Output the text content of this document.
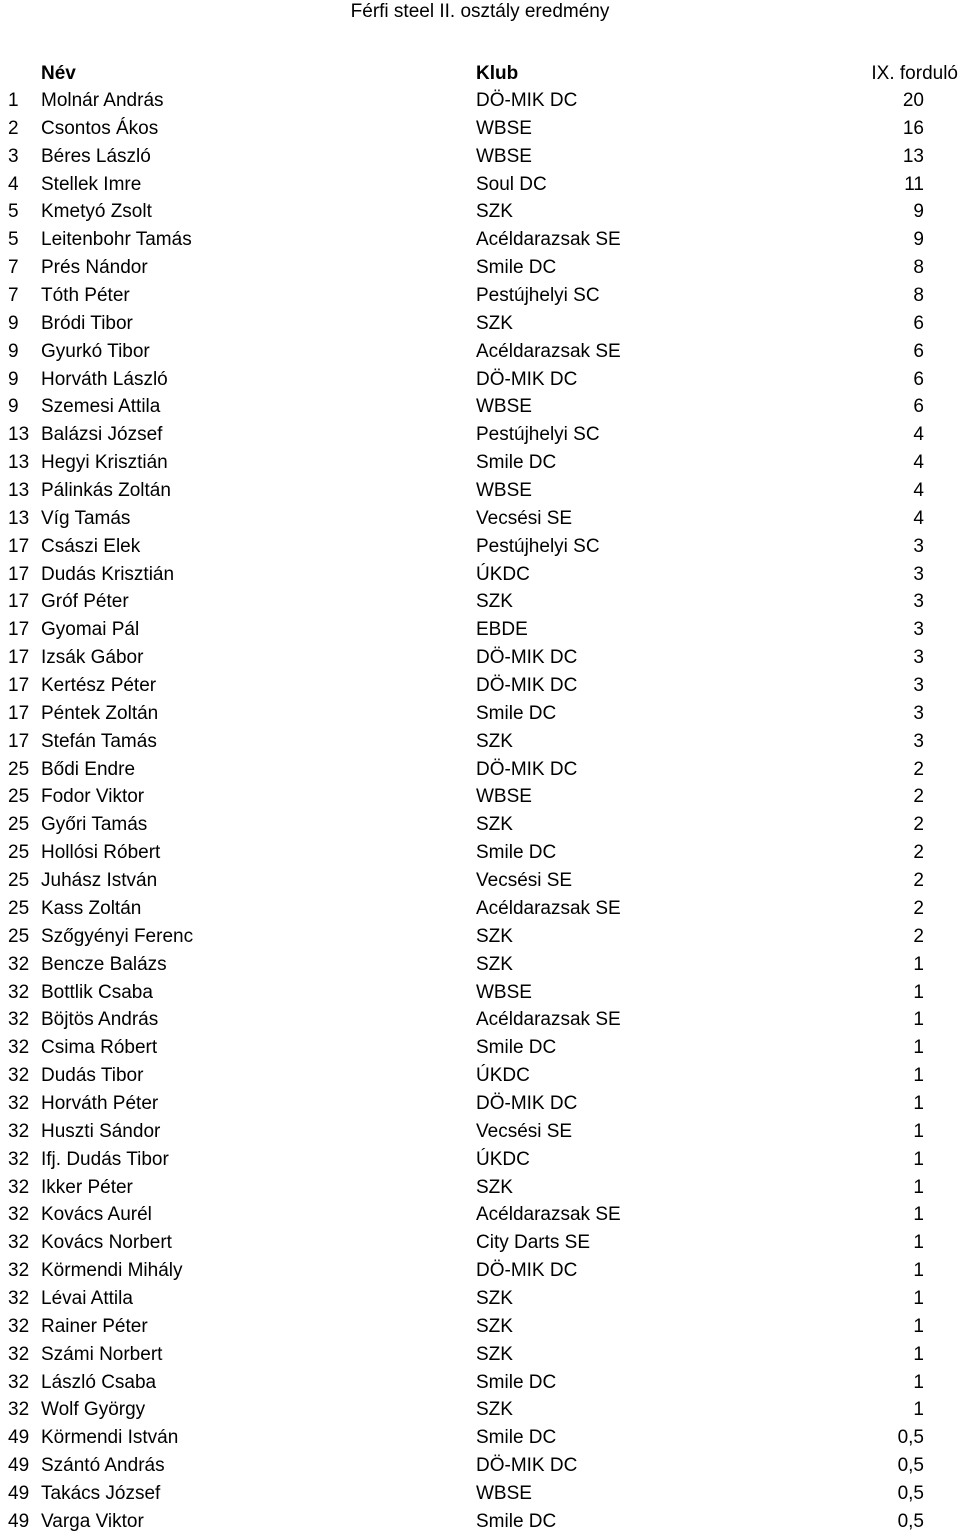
Férfi steel II. osztály eredmény
Név	Klub	IX. forduló
1 Molnár András	DÖ-MIK DC	20
2 Csontos Ákos	WBSE	16
3 Béres László	WBSE	13
4 Stellek Imre	Soul DC	11
5 Kmetyó Zsolt	SZK	9
5 Leitenbohr Tamás	Acéldarazsak SE	9
7 Prés Nándor	Smile DC	8
7 Tóth Péter	Pestújhelyi SC	8
9 Bródi Tibor	SZK	6
9 Gyurkó Tibor	Acéldarazsak SE	6
9 Horváth László	DÖ-MIK DC	6
9 Szemesi Attila	WBSE	6
13 Balázsi József	Pestújhelyi SC	4
13 Hegyi Krisztián	Smile DC	4
13 Pálinkás Zoltán	WBSE	4
13 Víg Tamás	Vecsési SE	4
17 Császi Elek	Pestújhelyi SC	3
17 Dudás Krisztián	ÚKDC	3
17 Gróf Péter	SZK	3
17 Gyomai Pál	EBDE	3
17 Izsák Gábor	DÖ-MIK DC	3
17 Kertész Péter	DÖ-MIK DC	3
17 Péntek Zoltán	Smile DC	3
17 Stefán Tamás	SZK	3
25 Bődi Endre	DÖ-MIK DC	2
25 Fodor Viktor	WBSE	2
25 Győri Tamás	SZK	2
25 Hollósi Róbert	Smile DC	2
25 Juhász István	Vecsési SE	2
25 Kass Zoltán	Acéldarazsak SE	2
25 Szőgyényi Ferenc	SZK	2
32 Bencze Balázs	SZK	1
32 Bottlik Csaba	WBSE	1
32 Böjtös András	Acéldarazsak SE	1
32 Csima Róbert	Smile DC	1
32 Dudás Tibor	ÚKDC	1
32 Horváth Péter	DÖ-MIK DC	1
32 Huszti Sándor	Vecsési SE	1
32 Ifj. Dudás Tibor	ÚKDC	1
32 Ikker Péter	SZK	1
32 Kovács Aurél	Acéldarazsak SE	1
32 Kovács Norbert	City Darts SE	1
32 Körmendi Mihály	DÖ-MIK DC	1
32 Lévai Attila	SZK	1
32 Rainer Péter	SZK	1
32 Számi Norbert	SZK	1
32 László Csaba	Smile DC	1
32 Wolf György	SZK	1
49 Körmendi István	Smile DC	0,5
49 Szántó András	DÖ-MIK DC	0,5
49 Takács József	WBSE	0,5
49 Varga Viktor	Smile DC	0,5
